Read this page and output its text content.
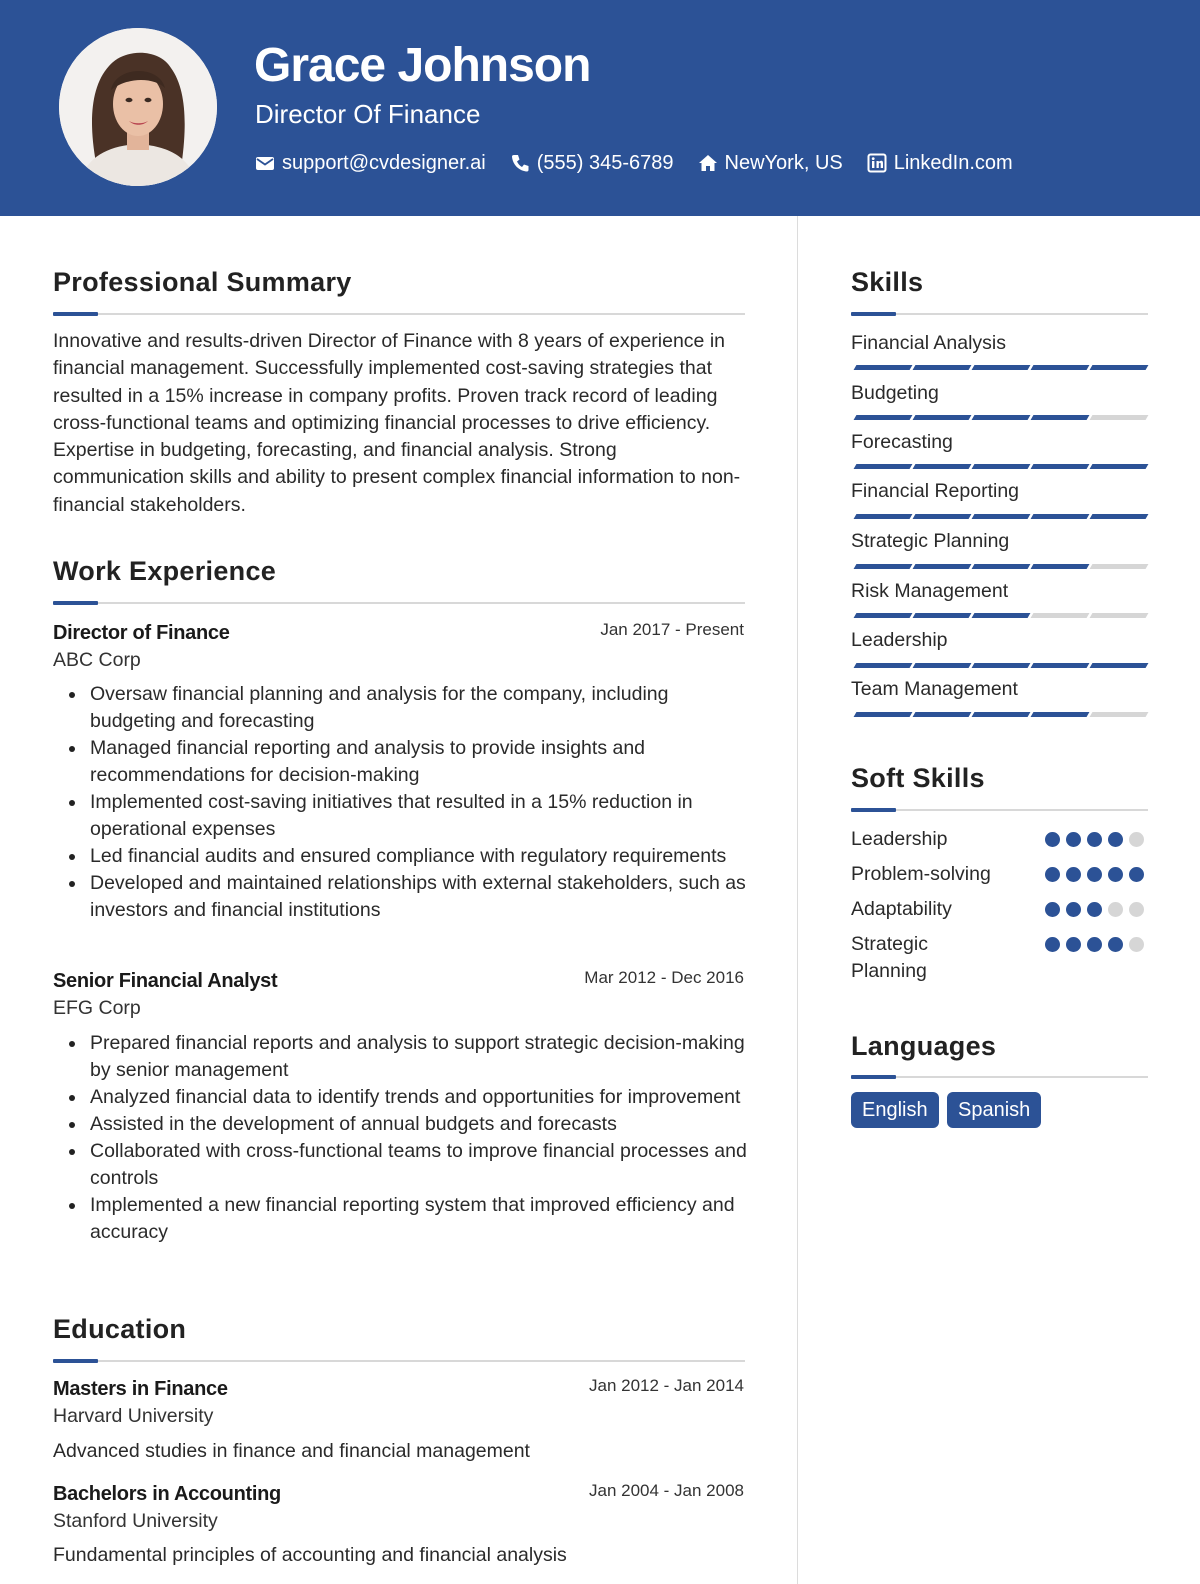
Grace Johnson
Director Of Finance
support@cvdesigner.ai	(555) 345-6789	NewYork, US	LinkedIn.com
Professional Summary
Innovative and results-driven Director of Finance with 8 years of experience in financial management. Successfully implemented cost-saving strategies that resulted in a 15% increase in company profits. Proven track record of leading cross-functional teams and optimizing financial processes to drive efficiency. Expertise in budgeting, forecasting, and financial analysis. Strong communication skills and ability to present complex financial information to non-financial stakeholders.
Work Experience
Director of Finance	Jan 2017 - Present
ABC Corp
Oversaw financial planning and analysis for the company, including budgeting and forecasting
Managed financial reporting and analysis to provide insights and recommendations for decision-making
Implemented cost-saving initiatives that resulted in a 15% reduction in operational expenses
Led financial audits and ensured compliance with regulatory requirements
Developed and maintained relationships with external stakeholders, such as investors and financial institutions
Senior Financial Analyst	Mar 2012 - Dec 2016
EFG Corp
Prepared financial reports and analysis to support strategic decision-making by senior management
Analyzed financial data to identify trends and opportunities for improvement
Assisted in the development of annual budgets and forecasts
Collaborated with cross-functional teams to improve financial processes and controls
Implemented a new financial reporting system that improved efficiency and accuracy
Education
Masters in Finance	Jan 2012 - Jan 2014
Harvard University
Advanced studies in finance and financial management
Bachelors in Accounting	Jan 2004 - Jan 2008
Stanford University
Fundamental principles of accounting and financial analysis
Skills
Financial Analysis
Budgeting
Forecasting
Financial Reporting
Strategic Planning
Risk Management
Leadership
Team Management
Soft Skills
Leadership
Problem-solving
Adaptability
Strategic Planning
Languages
English	Spanish
